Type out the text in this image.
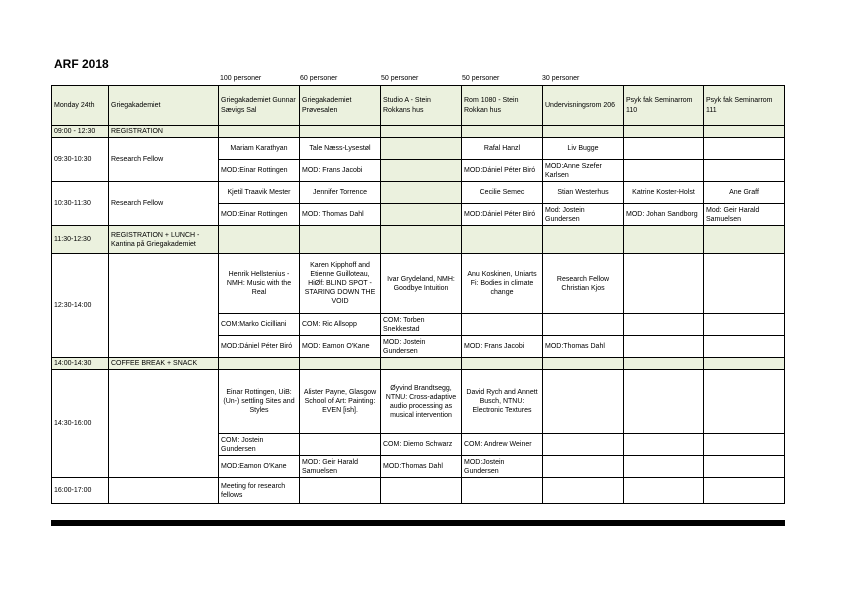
ARF 2018
100 personer	60 personer	50 personer	50 personer	30 personer
Monday 24th	Griegakademiet	Griegakademiet Gunnar Sævigs Sal	Griegakademiet Prøvesalen	Studio A - Stein Rokkans hus	Rom 1080 - Stein Rokkan hus	Undervisningsrom 206	Psyk fak Seminarrom 110	Psyk fak Seminarrom 111
09:00 - 12:30	REGISTRATION							
09:30-10:30	Research Fellow	Mariam Karathyan	Tale Næss-Lysestøl		Rafal Hanzl	Liv Bugge		
		MOD:Einar Rottingen	MOD: Frans Jacobi		MOD:Dániel Péter Biró	MOD:Anne Szefer Karlsen		
10:30-11:30	Research Fellow	Kjetil Traavik Mester	Jennifer Torrence		Cecilie Semec	Stian Westerhus	Katrine Koster-Holst	Ane Graff
		MOD:Einar Rottingen	MOD: Thomas Dahl		MOD:Dániel Péter Biró	Mod: Jostein Gundersen	MOD: Johan Sandborg	Mod: Geir Harald Samuelsen
11:30-12:30	REGISTRATION + LUNCH - Kantina på Griegakademiet							
12:30-14:00		Henrik Hellstenius - NMH: Music with the Real	Karen Kipphoff and Etienne Guilloteau, HiØf: BLIND SPOT - STARING DOWN THE VOID	Ivar Grydeland, NMH: Goodbye Intuition	Anu Koskinen, Uniarts Fi: Bodies in climate change	Research Fellow Christian Kjos		
		COM:Marko Cicilliani	COM: Ric Allsopp	COM: Torben Snekkestad				
		MOD:Dániel Péter Biró	MOD: Eamon O'Kane	MOD: Jostein Gundersen	MOD: Frans Jacobi	MOD:Thomas Dahl		
14:00-14:30	COFFEE BREAK + SNACK							
14:30-16:00		Einar Rottingen, UiB: (Un-) settling Sites and Styles	Alister Payne, Glasgow School of Art: Painting: EVEN [ish].	Øyvind Brandtsegg, NTNU: Cross-adaptive audio processing as musical intervention	David Rych and Annett Busch, NTNU: Electronic Textures			
		COM: Jostein Gundersen		COM: Diemo Schwarz	COM: Andrew Weiner			
		MOD:Eamon O'Kane	MOD: Geir Harald Samuelsen	MOD:Thomas Dahl	MOD:Jostein Gundersen			
16:00-17:00		Meeting for research fellows						
